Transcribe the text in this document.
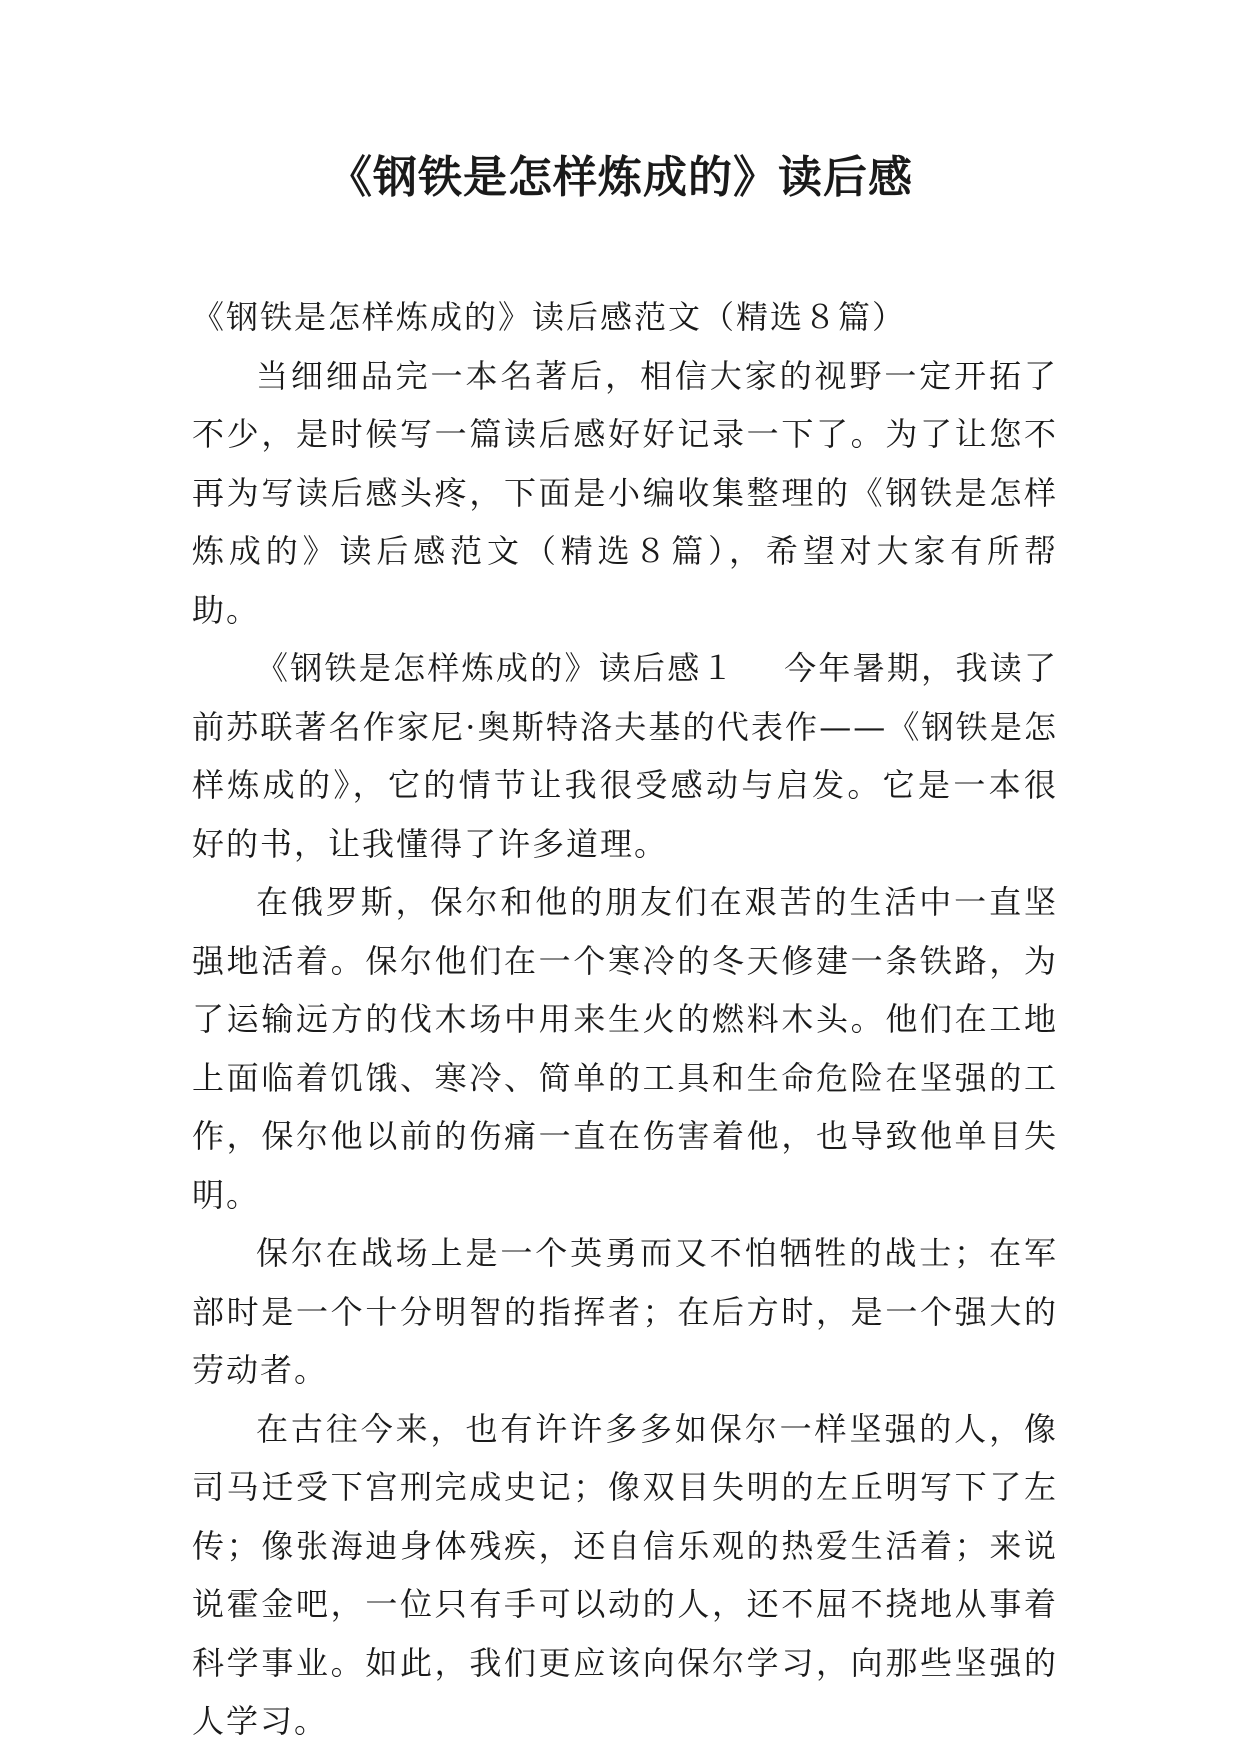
《钢铁是怎样炼成的》读后感

《钢铁是怎样炼成的》读后感范文（精选８篇）

当细细品完一本名著后，相信大家的视野一定开拓了不少，是时候写一篇读后感好好记录一下了。为了让您不再为写读后感头疼，下面是小编收集整理的《钢铁是怎样炼成的》读后感范文（精选８篇），希望对大家有所帮助。

《钢铁是怎样炼成的》读后感１ 今年暑期，我读了前苏联著名作家尼·奥斯特洛夫基的代表作——《钢铁是怎样炼成的》，它的情节让我很受感动与启发。它是一本很好的书，让我懂得了许多道理。

在俄罗斯，保尔和他的朋友们在艰苦的生活中一直坚强地活着。保尔他们在一个寒冷的冬天修建一条铁路，为了运输远方的伐木场中用来生火的燃料木头。他们在工地上面临着饥饿、寒冷、简单的工具和生命危险在坚强的工作，保尔他以前的伤痛一直在伤害着他，也导致他单目失明。

保尔在战场上是一个英勇而又不怕牺牲的战士；在军部时是一个十分明智的指挥者；在后方时，是一个强大的劳动者。

在古往今来，也有许许多多如保尔一样坚强的人，像司马迁受下宫刑完成史记；像双目失明的左丘明写下了左传；像张海迪身体残疾，还自信乐观的热爱生活着；来说说霍金吧，一位只有手可以动的人，还不屈不挠地从事着科学事业。如此，我们更应该向保尔学习，向那些坚强的人学习。
